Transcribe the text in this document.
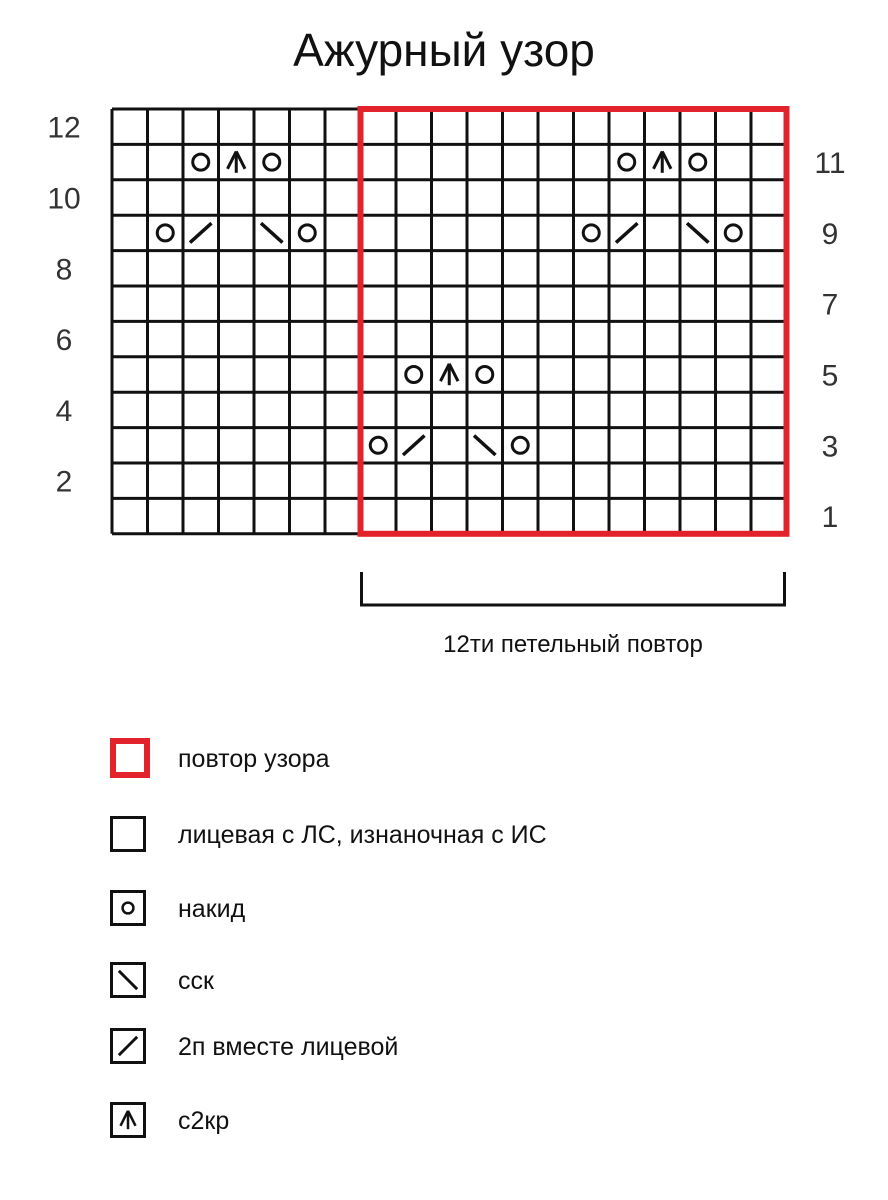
Ажурный узор
12
10
8
6
4
2
11
9
7
5
3
1
12ти петельный повтор
повтор узора
лицевая с ЛС, изнаночная с ИС
накид
сск
2п вместе лицевой
с2кр
